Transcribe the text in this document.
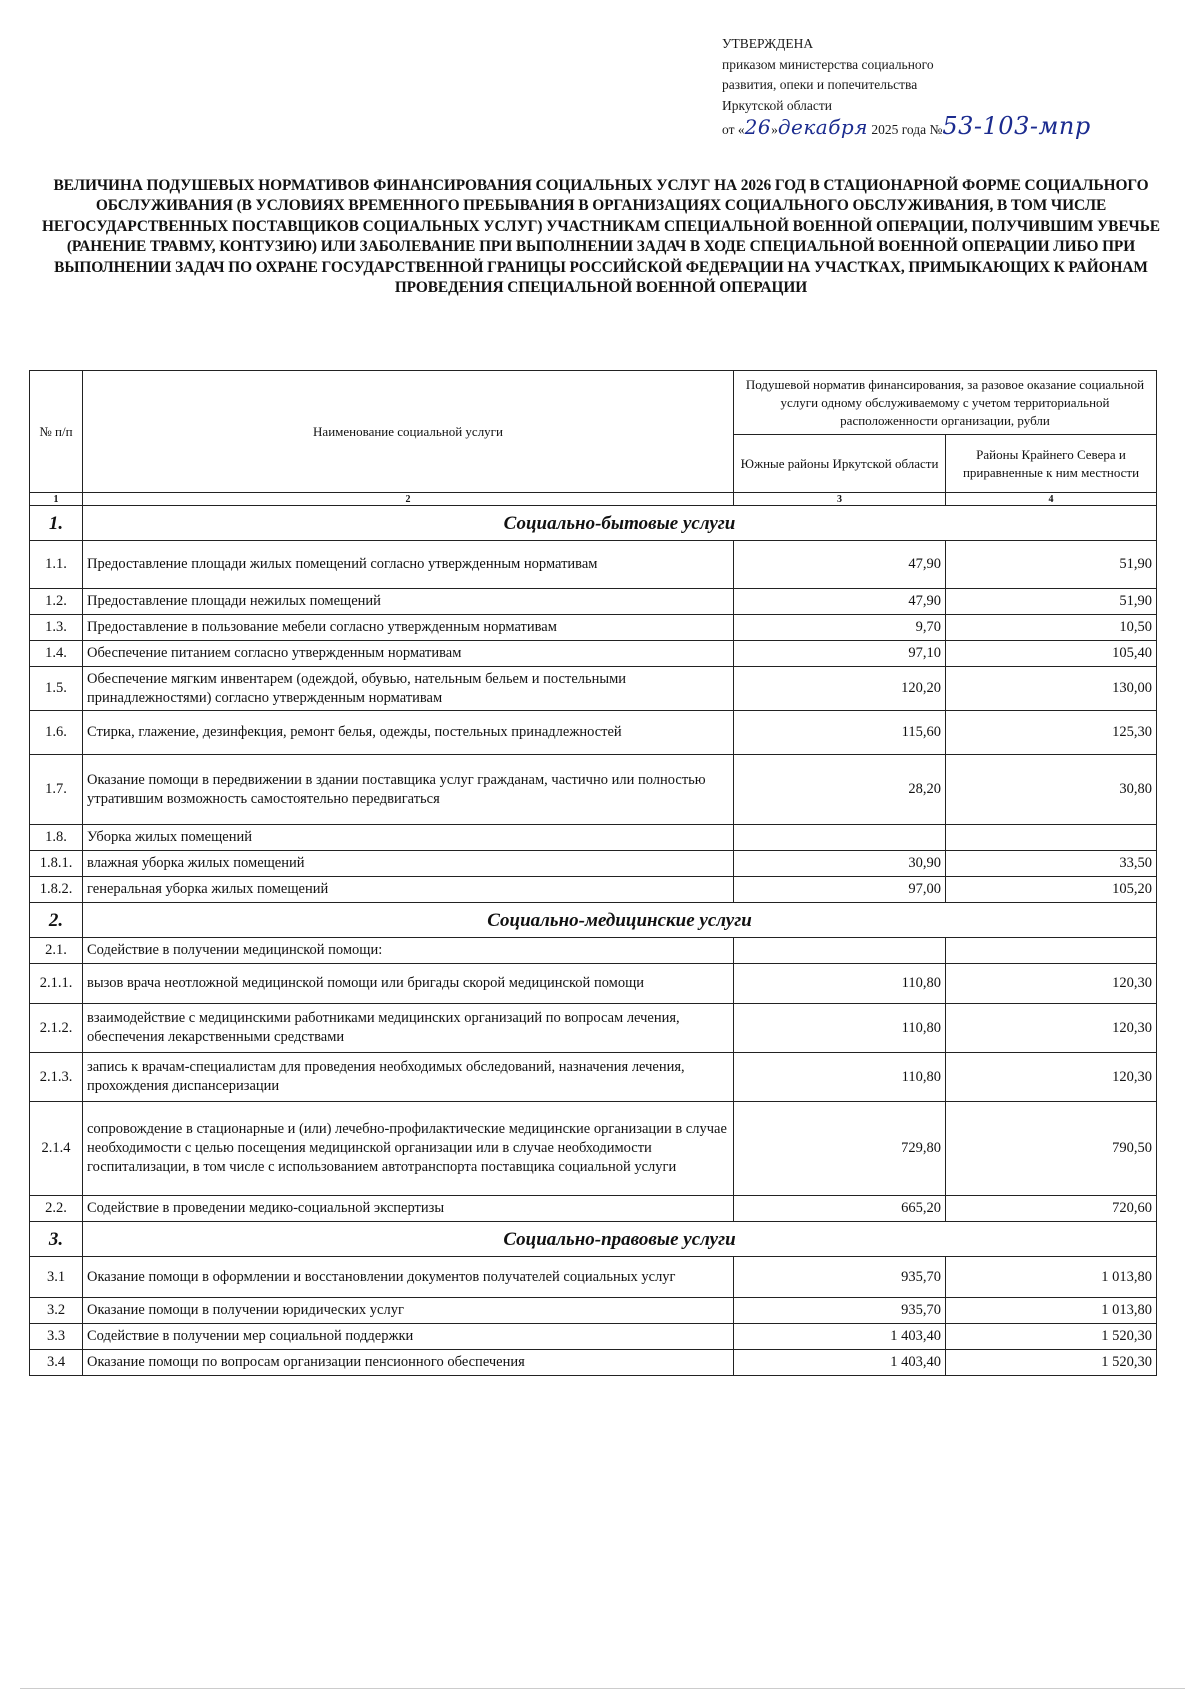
УТВЕРЖДЕНА
приказом министерства социального
развития, опеки и попечительства
Иркутской области
от «26»декабря 2025 года №53-103-мпр
ВЕЛИЧИНА ПОДУШЕВЫХ НОРМАТИВОВ ФИНАНСИРОВАНИЯ СОЦИАЛЬНЫХ УСЛУГ НА 2026 ГОД В СТАЦИОНАРНОЙ ФОРМЕ СОЦИАЛЬНОГО ОБСЛУЖИВАНИЯ (В УСЛОВИЯХ ВРЕМЕННОГО ПРЕБЫВАНИЯ В ОРГАНИЗАЦИЯХ СОЦИАЛЬНОГО ОБСЛУЖИВАНИЯ, В ТОМ ЧИСЛЕ НЕГОСУДАРСТВЕННЫХ ПОСТАВЩИКОВ СОЦИАЛЬНЫХ УСЛУГ) УЧАСТНИКАМ СПЕЦИАЛЬНОЙ ВОЕННОЙ ОПЕРАЦИИ, ПОЛУЧИВШИМ УВЕЧЬЕ (РАНЕНИЕ ТРАВМУ, КОНТУЗИЮ) ИЛИ ЗАБОЛЕВАНИЕ ПРИ ВЫПОЛНЕНИИ ЗАДАЧ В ХОДЕ СПЕЦИАЛЬНОЙ ВОЕННОЙ ОПЕРАЦИИ ЛИБО ПРИ ВЫПОЛНЕНИИ ЗАДАЧ ПО ОХРАНЕ ГОСУДАРСТВЕННОЙ ГРАНИЦЫ РОССИЙСКОЙ ФЕДЕРАЦИИ НА УЧАСТКАХ, ПРИМЫКАЮЩИХ К РАЙОНАМ ПРОВЕДЕНИЯ СПЕЦИАЛЬНОЙ ВОЕННОЙ ОПЕРАЦИИ
№ п/п	Наименование социальной услуги	Подушевой норматив финансирования, за разовое оказание социальной услуги одному обслуживаемому с учетом территориальной расположенности организации, рубли	
		Южные районы Иркутской области	Районы Крайнего Севера и приравненные к ним местности
1	2	3	4
1.	Социально-бытовые услуги		
1.1.	Предоставление площади жилых помещений согласно утвержденным нормативам	47,90	51,90
1.2.	Предоставление площади нежилых помещений	47,90	51,90
1.3.	Предоставление в пользование мебели согласно утвержденным нормативам	9,70	10,50
1.4.	Обеспечение питанием согласно утвержденным нормативам	97,10	105,40
1.5.	Обеспечение мягким инвентарем (одеждой, обувью, нательным бельем и постельными принадлежностями) согласно утвержденным нормативам	120,20	130,00
1.6.	Стирка, глажение, дезинфекция, ремонт белья, одежды, постельных принадлежностей	115,60	125,30
1.7.	Оказание помощи в передвижении в здании поставщика услуг гражданам, частично или полностью утратившим возможность самостоятельно передвигаться	28,20	30,80
1.8.	Уборка жилых помещений		
1.8.1.	влажная уборка жилых помещений	30,90	33,50
1.8.2.	генеральная уборка жилых помещений	97,00	105,20
2.	Социально-медицинские услуги		
2.1.	Содействие в получении медицинской помощи:		
2.1.1.	вызов врача неотложной медицинской помощи или бригады скорой медицинской помощи	110,80	120,30
2.1.2.	взаимодействие с медицинскими работниками медицинских организаций по вопросам лечения, обеспечения лекарственными средствами	110,80	120,30
2.1.3.	запись к врачам-специалистам для проведения необходимых обследований, назначения лечения, прохождения диспансеризации	110,80	120,30
2.1.4	сопровождение в стационарные и (или) лечебно-профилактические медицинские организации в случае необходимости с целью посещения медицинской организации или в случае необходимости госпитализации, в том числе с использованием автотранспорта поставщика социальной услуги	729,80	790,50
2.2.	Содействие в проведении медико-социальной экспертизы	665,20	720,60
3.	Социально-правовые услуги		
3.1	Оказание помощи в оформлении и восстановлении документов получателей социальных услуг	935,70	1 013,80
3.2	Оказание помощи в получении юридических услуг	935,70	1 013,80
3.3	Содействие в получении мер социальной поддержки	1 403,40	1 520,30
3.4	Оказание помощи по вопросам организации пенсионного обеспечения	1 403,40	1 520,30
